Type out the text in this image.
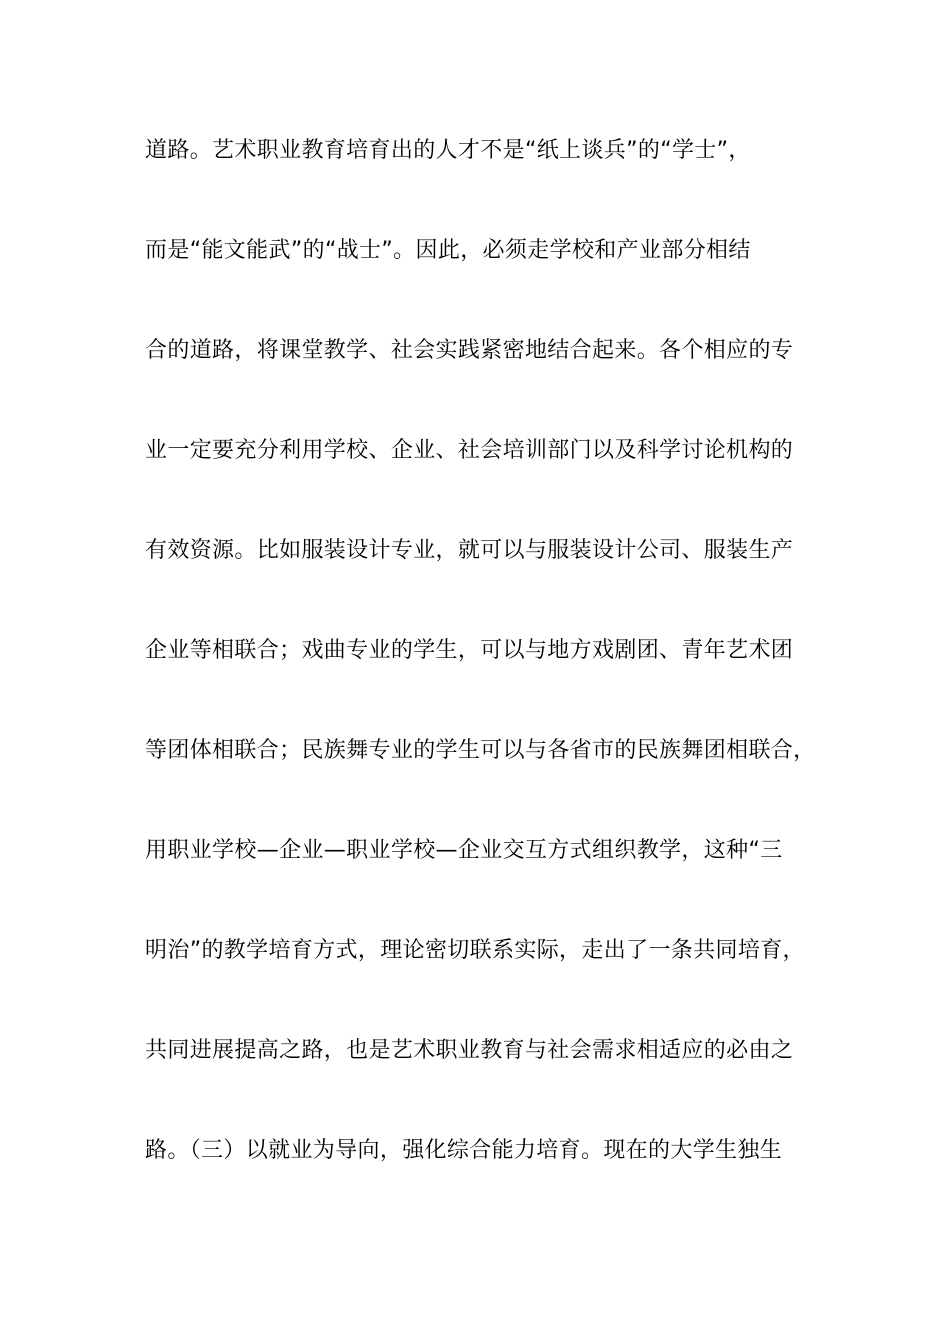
道路。艺术职业教育培育出的人才不是“纸上谈兵”的“学士”，
而是“能文能武”的“战士”。因此，必须走学校和产业部分相结
合的道路，将课堂教学、社会实践紧密地结合起来。各个相应的专
业一定要充分利用学校、企业、社会培训部门以及科学讨论机构的
有效资源。比如服装设计专业，就可以与服装设计公司、服装生产
企业等相联合；戏曲专业的学生，可以与地方戏剧团、青年艺术团
等团体相联合；民族舞专业的学生可以与各省市的民族舞团相联合，
用职业学校—企业—职业学校—企业交互方式组织教学，这种“三
明治”的教学培育方式，理论密切联系实际，走出了一条共同培育，
共同进展提高之路，也是艺术职业教育与社会需求相适应的必由之
路。（三）以就业为导向，强化综合能力培育。现在的大学生独生
